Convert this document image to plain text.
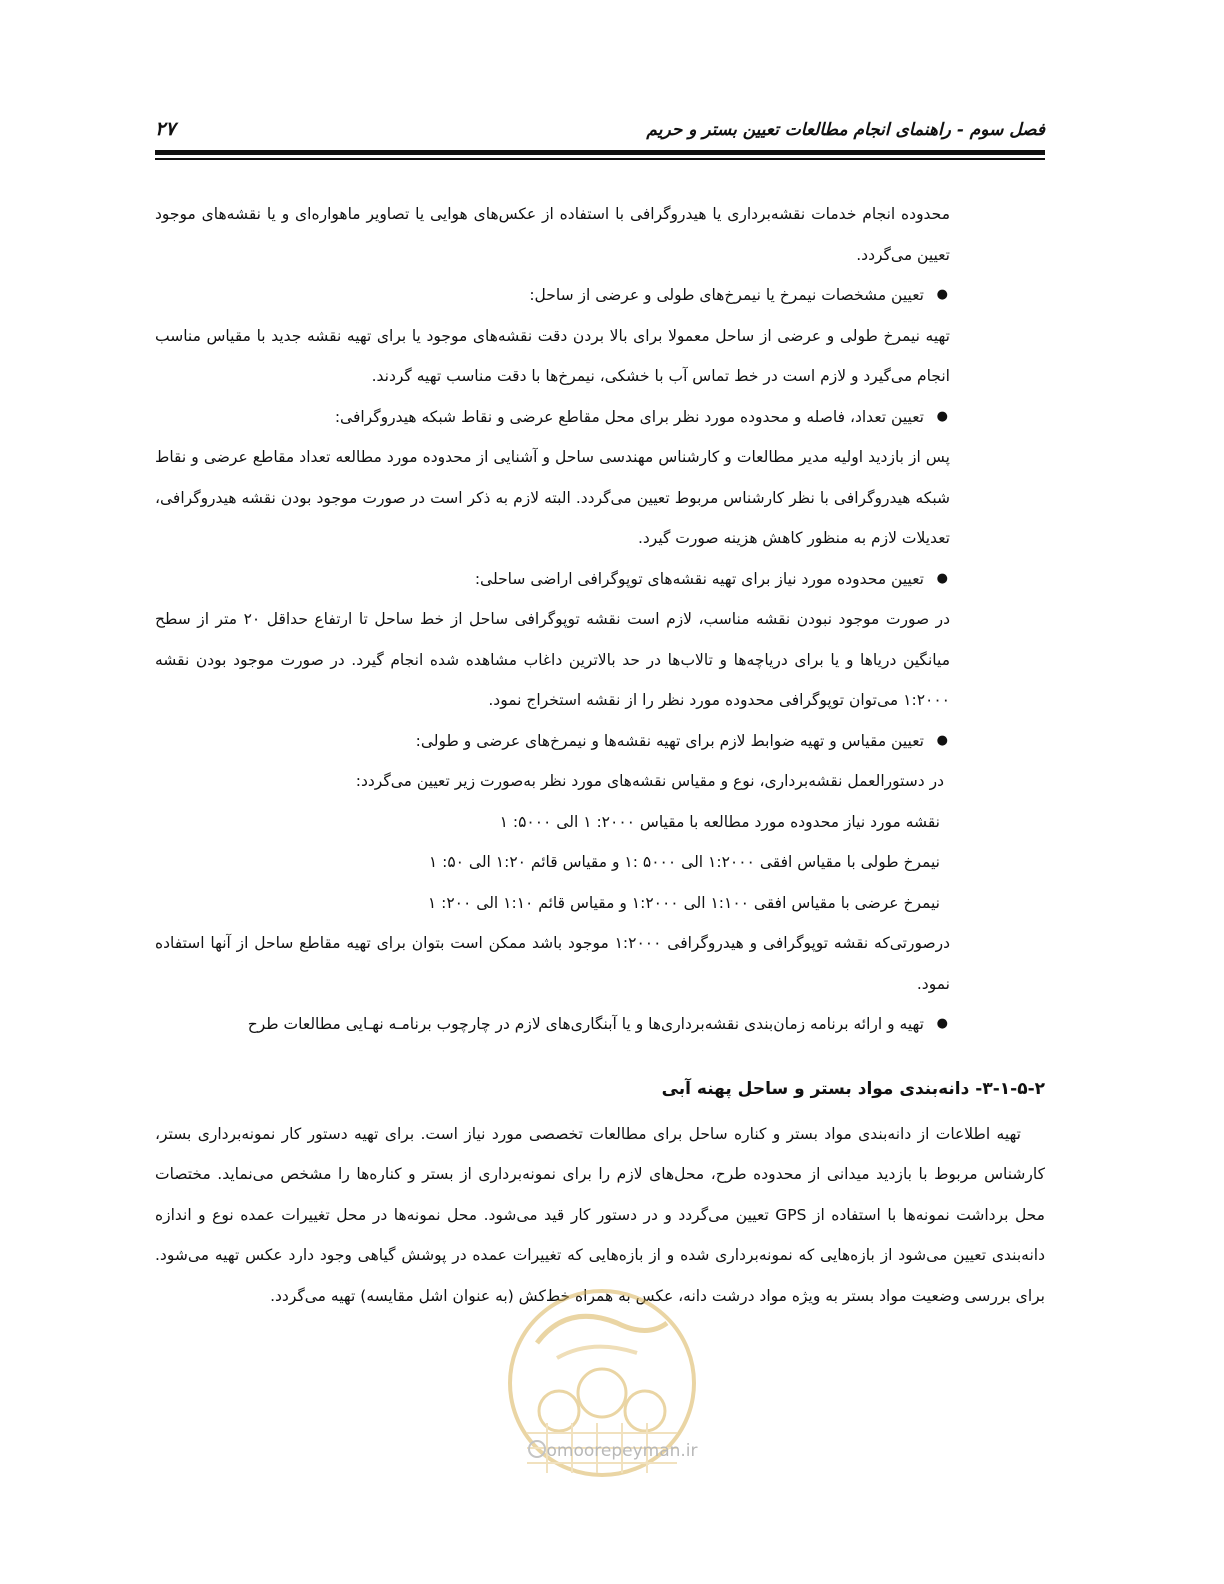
فصل سوم - راهنمای انجام مطالعات تعیین بستر و حریم
۲۷

محدوده انجام خدمات نقشه‌برداری یا هیدروگرافی با استفاده از عکس‌های هوایی یا تصاویر ماهواره‌ای و یا نقشه‌های موجود تعیین می‌گردد.

●
تعیین مشخصات نیمرخ یا نیمرخ‌های طولی و عرضی از ساحل:

تهیه نیمرخ طولی و عرضی از ساحل معمولا برای بالا بردن دقت نقشه‌های موجود یا برای تهیه نقشه جدید با مقیاس مناسب انجام می‌گیرد و لازم است در خط تماس آب با خشکی، نیمرخ‌ها با دقت مناسب تهیه گردند.

●
تعیین تعداد، فاصله و محدوده مورد نظر برای محل مقاطع عرضی و نقاط شبکه هیدروگرافی:

پس از بازدید اولیه مدیر مطالعات و کارشناس مهندسی ساحل و آشنایی از محدوده مورد مطالعه تعداد مقاطع عرضی و نقاط شبکه هیدروگرافی با نظر کارشناس مربوط تعیین می‌گردد. البته لازم به ذکر است در صورت موجود بودن نقشه هیدروگرافی، تعدیلات لازم به منظور کاهش هزینه صورت گیرد.

●
تعیین محدوده مورد نیاز برای تهیه نقشه‌های توپوگرافی اراضی ساحلی:

در صورت موجود نبودن نقشه مناسب، لازم است نقشه توپوگرافی ساحل از خط ساحل تا ارتفاع حداقل ۲۰ متر از سطح میانگین دریاها و یا برای دریاچه‌ها و تالاب‌ها در حد بالاترین داغاب مشاهده شده انجام گیرد. در صورت موجود بودن نقشه ۱:۲۰۰۰ می‌توان توپوگرافی محدوده مورد نظر را از نقشه استخراج نمود.

●
تعیین مقیاس و تهیه ضوابط لازم برای تهیه نقشه‌ها و نیمرخ‌های عرضی و طولی:

در دستورالعمل نقشه‌برداری، نوع و مقیاس نقشه‌های مورد نظر به‌صورت زیر تعیین می‌گردد:

نقشه مورد نیاز محدوده مورد مطالعه با مقیاس ۲۰۰۰: ۱ الی ۵۰۰۰: ۱

نیمرخ طولی با مقیاس افقی ۱:۲۰۰۰ الی ۵۰۰۰ :۱ و مقیاس قائم ۱:۲۰ الی ۵۰: ۱

نیمرخ عرضی با مقیاس افقی ۱:۱۰۰ الی ۱:۲۰۰۰ و مقیاس قائم ۱:۱۰ الی ۲۰۰: ۱

درصورتی‌که نقشه توپوگرافی و هیدروگرافی ۱:۲۰۰۰ موجود باشد ممکن است بتوان برای تهیه مقاطع ساحل از آنها استفاده نمود.

●
تهیه و ارائه برنامه زمان‌بندی نقشه‌برداری‌ها و یا آبنگاری‌های لازم در چارچوب برنامـه نهـایی مطالعات طرح

۳-۱-۵-۲- دانه‌بندی مواد بستر و ساحل پهنه آبی

تهیه اطلاعات از دانه‌بندی مواد بستر و کناره ساحل برای مطالعات تخصصی مورد نیاز است. برای تهیه دستور کار نمونه‌برداری بستر، کارشناس مربوط با بازدید میدانی از محدوده طرح، محل‌های لازم را برای نمونه‌برداری از بستر و کناره‌ها را مشخص می‌نماید. مختصات محل برداشت نمونه‌ها با استفاده از GPS تعیین می‌گردد و در دستور کار قید می‌شود. محل نمونه‌ها در محل تغییرات عمده نوع و اندازه دانه‌بندی تعیین می‌شود از بازه‌هایی که نمونه‌برداری شده و از بازه‌هایی که تغییرات عمده در پوشش گیاهی وجود دارد عکس تهیه می‌شود. برای بررسی وضعیت مواد بستر به ویژه مواد درشت دانه، عکس به همراه خط‌کش (به عنوان اشل مقایسه) تهیه می‌گردد.

omoorepeyman.ir
